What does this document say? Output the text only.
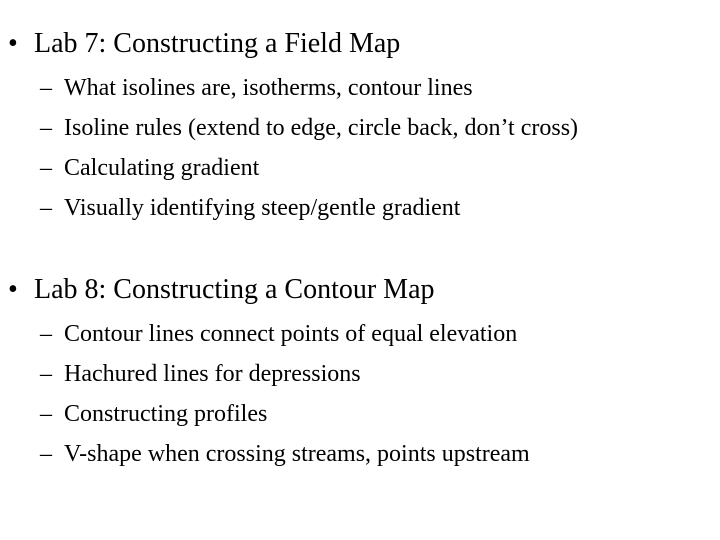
• Lab 7: Constructing a Field Map
– What isolines are, isotherms, contour lines
– Isoline rules (extend to edge, circle back, don’t cross)
– Calculating gradient
– Visually identifying steep/gentle gradient
• Lab 8: Constructing a Contour Map
– Contour lines connect points of equal elevation
– Hachured lines for depressions
– Constructing profiles
– V-shape when crossing streams, points upstream
